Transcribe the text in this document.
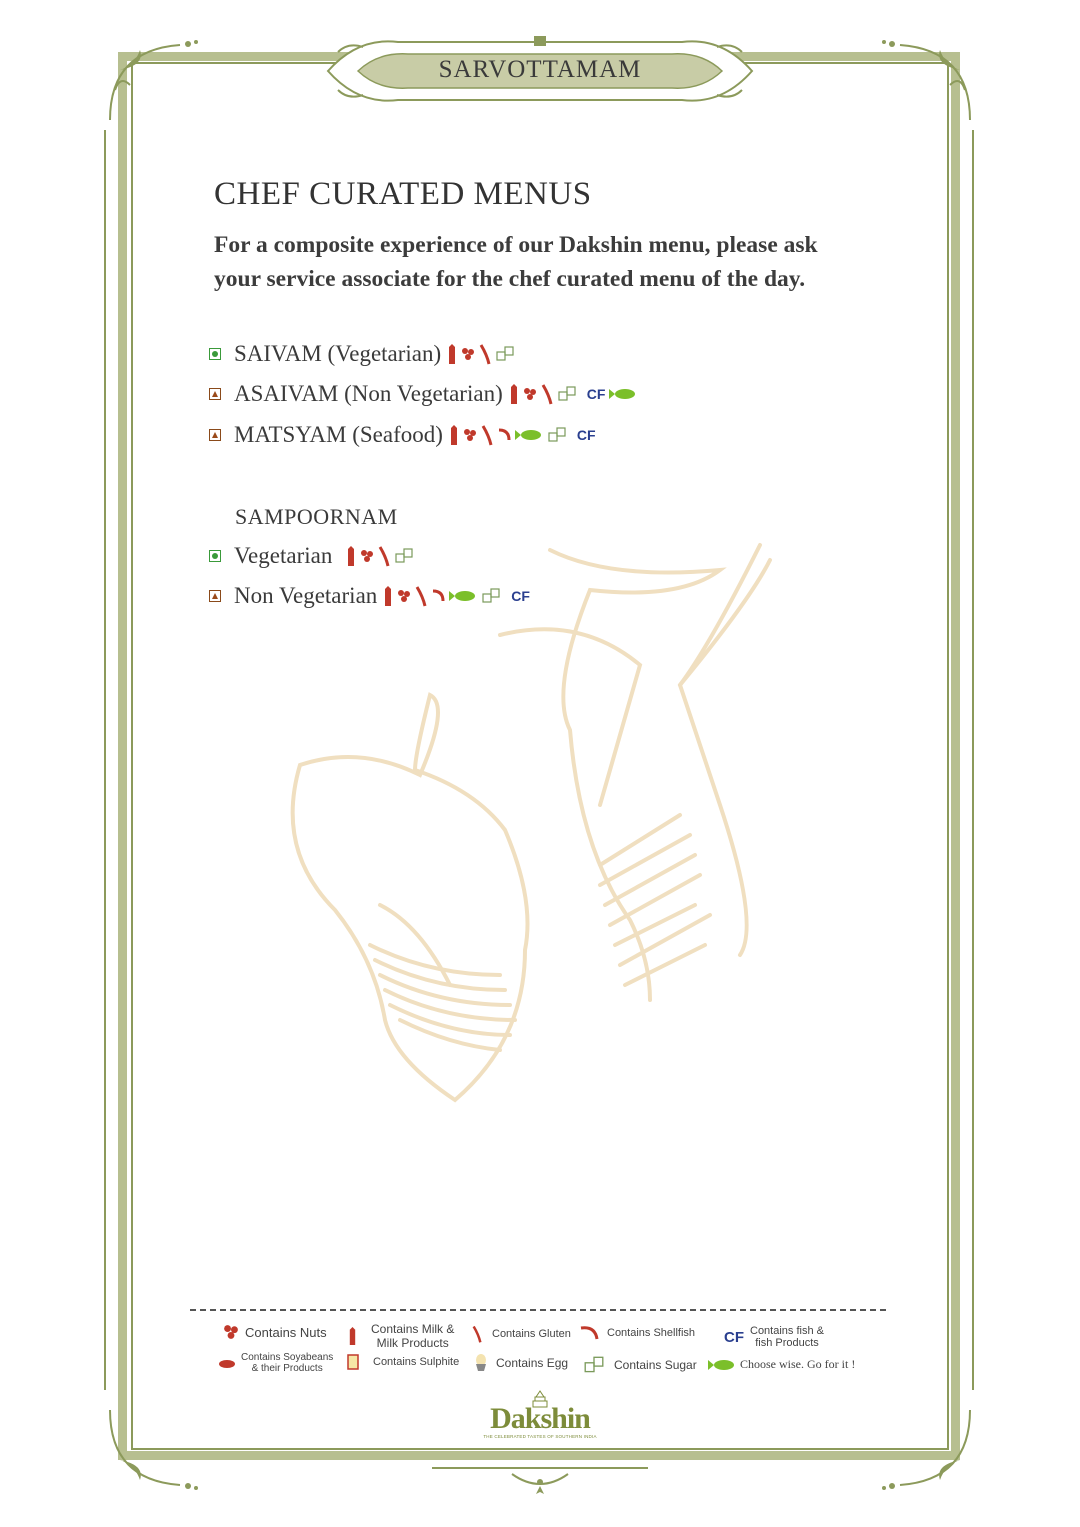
SARVOTTAMAM
CHEF CURATED MENUS
For a composite experience of our Dakshin menu, please ask
your service associate for the chef curated menu of the day.
SAIVAM (Vegetarian)
ASAIVAM (Non Vegetarian)	CF
MATSYAM (Seafood)	CF
SAMPOORNAM
Vegetarian
Non Vegetarian	CF
Contains Nuts	Contains Milk &
Milk Products
Contains Gluten	Contains Shellfish CF Contains fish &
fish Products
Contains Soyabeans
& their Products
Contains Sulphite	Contains Egg	Contains Sugar	Choose wise. Go for it !
Dakshin
THE CELEBRATED TASTES OF SOUTHERN INDIA
